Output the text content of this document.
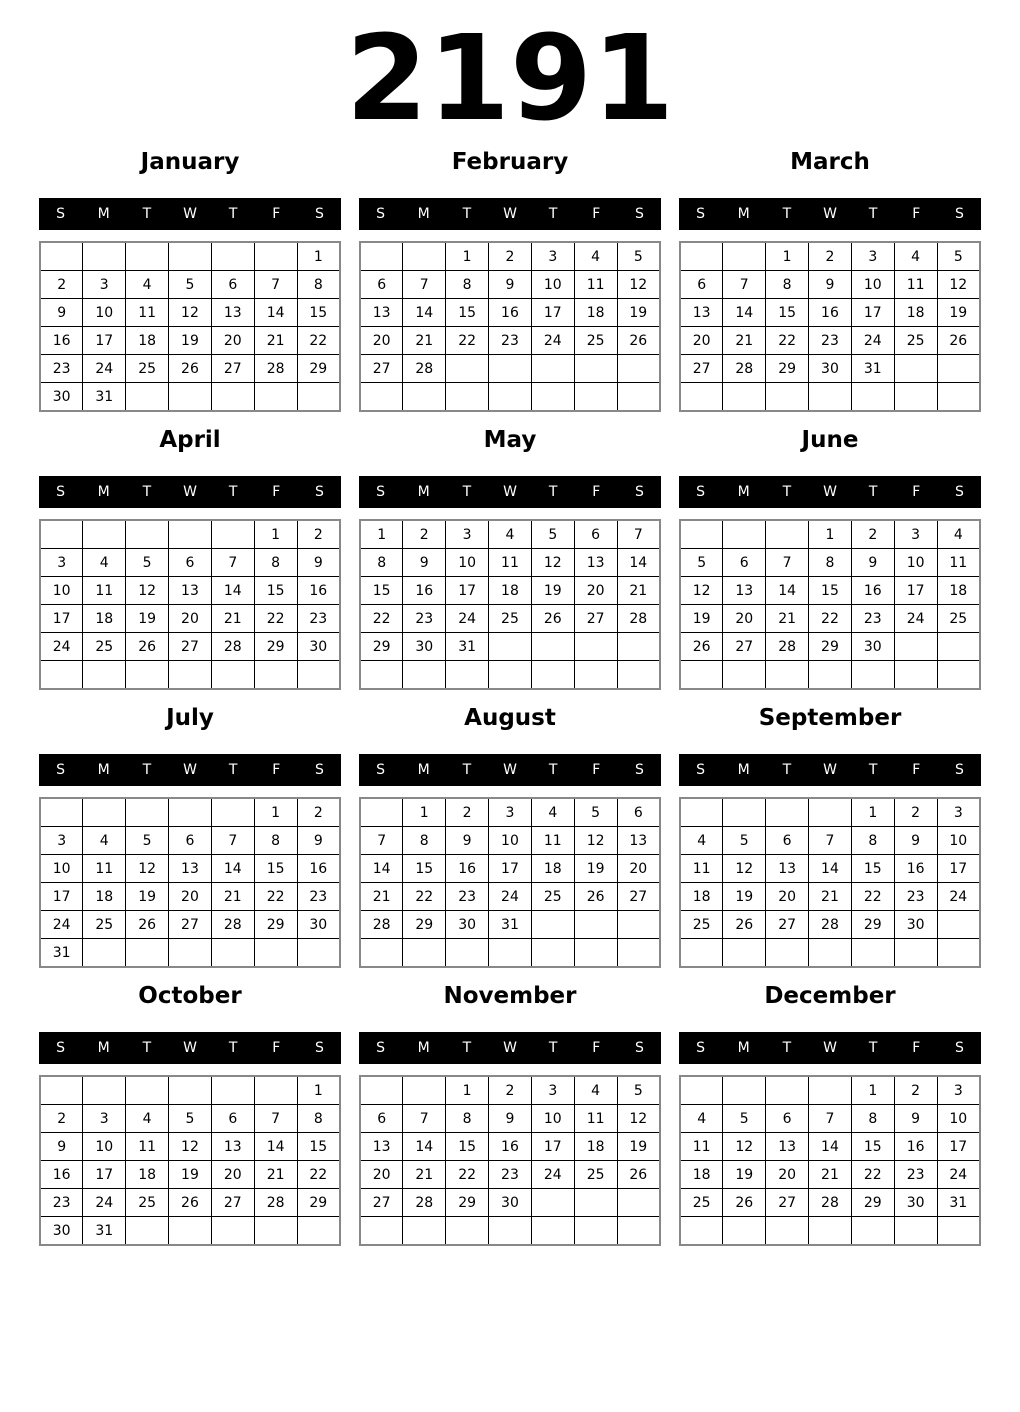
2191
January
S	M	T	W	T	F	S
						1
2	3	4	5	6	7	8
9	10	11	12	13	14	15
16	17	18	19	20	21	22
23	24	25	26	27	28	29
30	31					
February
S	M	T	W	T	F	S
		1	2	3	4	5
6	7	8	9	10	11	12
13	14	15	16	17	18	19
20	21	22	23	24	25	26
27	28					

March
S	M	T	W	T	F	S
		1	2	3	4	5
6	7	8	9	10	11	12
13	14	15	16	17	18	19
20	21	22	23	24	25	26
27	28	29	30	31		

April
S	M	T	W	T	F	S
					1	2
3	4	5	6	7	8	9
10	11	12	13	14	15	16
17	18	19	20	21	22	23
24	25	26	27	28	29	30

May
S	M	T	W	T	F	S
1	2	3	4	5	6	7
8	9	10	11	12	13	14
15	16	17	18	19	20	21
22	23	24	25	26	27	28
29	30	31				

June
S	M	T	W	T	F	S
			1	2	3	4
5	6	7	8	9	10	11
12	13	14	15	16	17	18
19	20	21	22	23	24	25
26	27	28	29	30		

July
S	M	T	W	T	F	S
					1	2
3	4	5	6	7	8	9
10	11	12	13	14	15	16
17	18	19	20	21	22	23
24	25	26	27	28	29	30
31						
August
S	M	T	W	T	F	S
	1	2	3	4	5	6
7	8	9	10	11	12	13
14	15	16	17	18	19	20
21	22	23	24	25	26	27
28	29	30	31			

September
S	M	T	W	T	F	S
				1	2	3
4	5	6	7	8	9	10
11	12	13	14	15	16	17
18	19	20	21	22	23	24
25	26	27	28	29	30	

October
S	M	T	W	T	F	S
						1
2	3	4	5	6	7	8
9	10	11	12	13	14	15
16	17	18	19	20	21	22
23	24	25	26	27	28	29
30	31					
November
S	M	T	W	T	F	S
		1	2	3	4	5
6	7	8	9	10	11	12
13	14	15	16	17	18	19
20	21	22	23	24	25	26
27	28	29	30			

December
S	M	T	W	T	F	S
				1	2	3
4	5	6	7	8	9	10
11	12	13	14	15	16	17
18	19	20	21	22	23	24
25	26	27	28	29	30	31
